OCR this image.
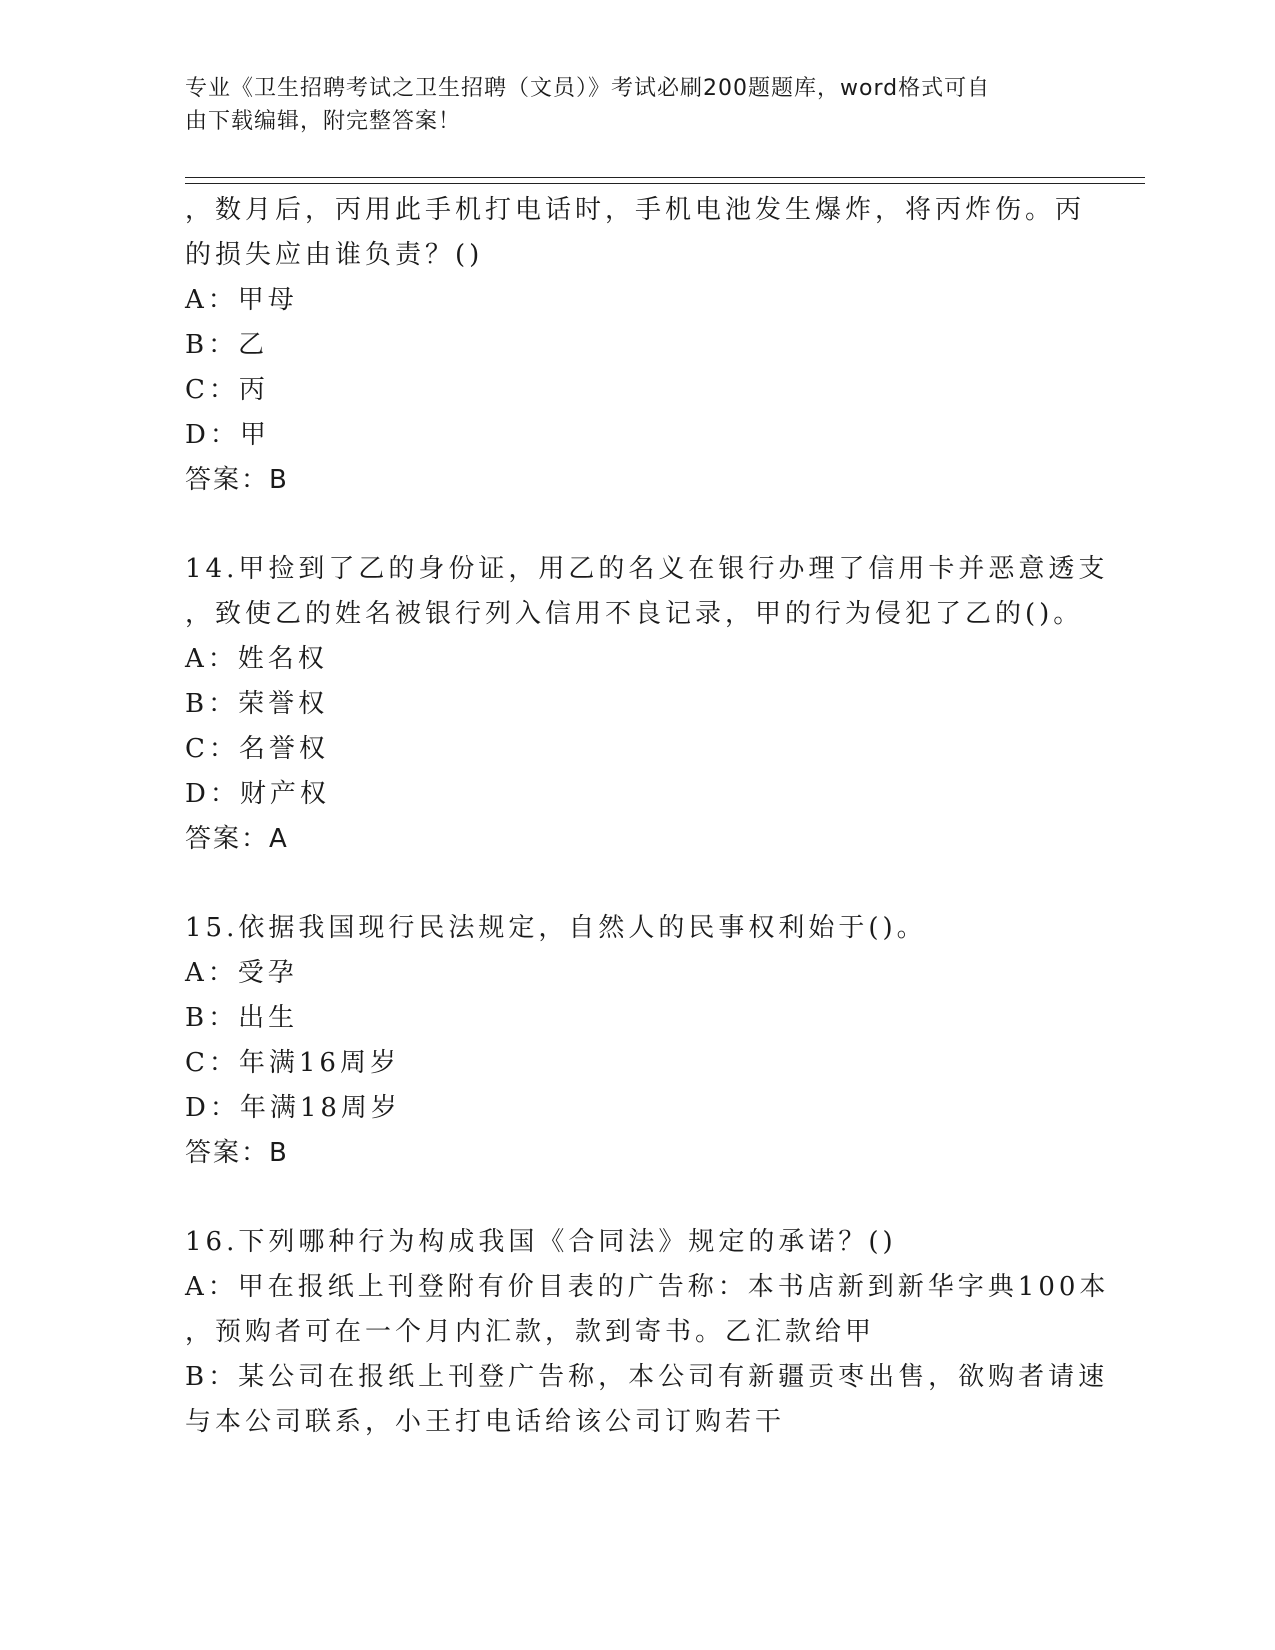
专业《卫生招聘考试之卫生招聘（文员）》考试必刷200题题库，word格式可自
由下载编辑，附完整答案！
，数月后，丙用此手机打电话时，手机电池发生爆炸，将丙炸伤。丙
的损失应由谁负责？()
A：甲母
B：乙
C：丙
D：甲
答案：B
14.甲捡到了乙的身份证，用乙的名义在银行办理了信用卡并恶意透支
，致使乙的姓名被银行列入信用不良记录，甲的行为侵犯了乙的()。
A：姓名权
B：荣誉权
C：名誉权
D：财产权
答案：A
15.依据我国现行民法规定，自然人的民事权利始于()。
A：受孕
B：出生
C：年满16周岁
D：年满18周岁
答案：B
16.下列哪种行为构成我国《合同法》规定的承诺？()
A：甲在报纸上刊登附有价目表的广告称：本书店新到新华字典100本
，预购者可在一个月内汇款，款到寄书。乙汇款给甲
B：某公司在报纸上刊登广告称，本公司有新疆贡枣出售，欲购者请速
与本公司联系，小王打电话给该公司订购若干
